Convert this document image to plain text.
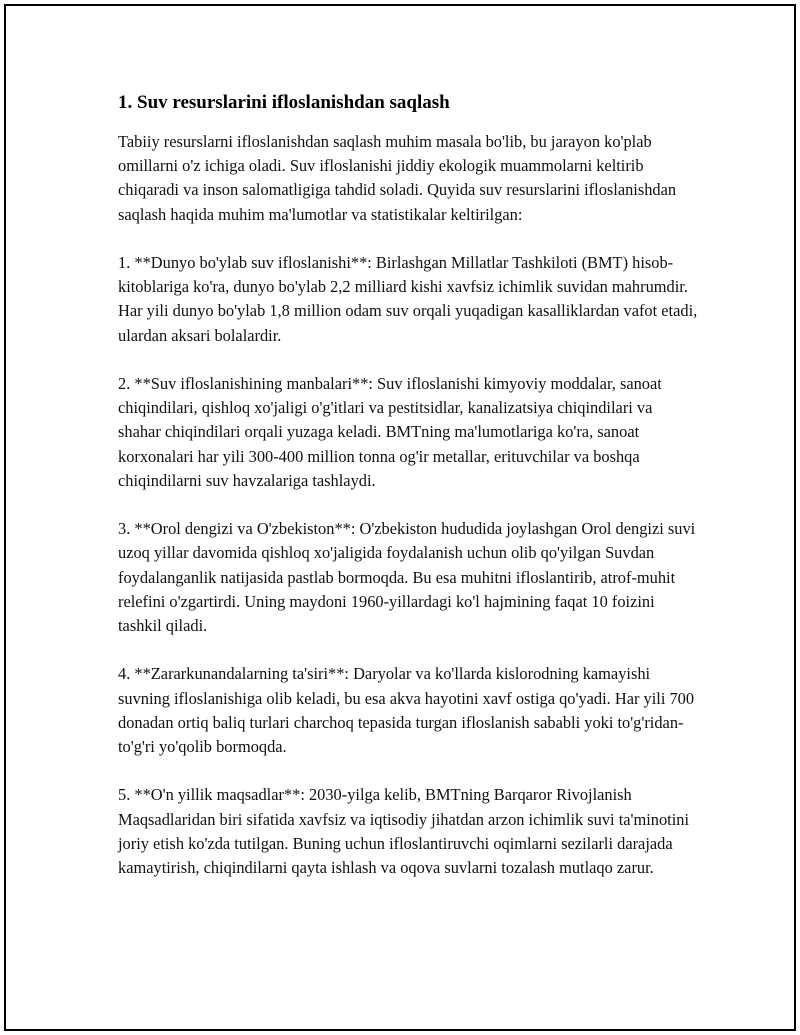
1. Suv resurslarini ifloslanishdan saqlash

Tabiiy resurslarni ifloslanishdan saqlash muhim masala bo'lib, bu jarayon ko'plab omillarni o'z ichiga oladi. Suv ifloslanishi jiddiy ekologik muammolarni keltirib chiqaradi va inson salomatligiga tahdid soladi. Quyida suv resurslarini ifloslanishdan saqlash haqida muhim ma'lumotlar va statistikalar keltirilgan:

1. **Dunyo bo'ylab suv ifloslanishi**: Birlashgan Millatlar Tashkiloti (BMT) hisob-kitoblariga ko'ra, dunyo bo'ylab 2,2 milliard kishi xavfsiz ichimlik suvidan mahrumdir. Har yili dunyo bo'ylab 1,8 million odam suv orqali yuqadigan kasalliklardan vafot etadi, ulardan aksari bolalardir.

2. **Suv ifloslanishining manbalari**: Suv ifloslanishi kimyoviy moddalar, sanoat chiqindilari, qishloq xo'jaligi o'g'itlari va pestitsidlar, kanalizatsiya chiqindilari va shahar chiqindilari orqali yuzaga keladi. BMTning ma'lumotlariga ko'ra, sanoat korxonalari har yili 300-400 million tonna og'ir metallar, erituvchilar va boshqa chiqindilarni suv havzalariga tashlaydi.

3. **Orol dengizi va O'zbekiston**: O'zbekiston hududida joylashgan Orol dengizi suvi uzoq yillar davomida qishloq xo'jaligida foydalanish uchun olib qo'yilgan Suvdan foydalanganlik natijasida pastlab bormoqda. Bu esa muhitni ifloslantirib, atrof-muhit relefini o'zgartirdi. Uning maydoni 1960-yillardagi ko'l hajmining faqat 10 foizini tashkil qiladi.

4. **Zararkunandalarning ta'siri**: Daryolar va ko'llarda kislorodning kamayishi suvning ifloslanishiga olib keladi, bu esa akva hayotini xavf ostiga qo'yadi. Har yili 700 donadan ortiq baliq turlari charchoq tepasida turgan ifloslanish sababli yoki to'g'ridan-to'g'ri yo'qolib bormoqda.

5. **O'n yillik maqsadlar**: 2030-yilga kelib, BMTning Barqaror Rivojlanish Maqsadlaridan biri sifatida xavfsiz va iqtisodiy jihatdan arzon ichimlik suvi ta'minotini joriy etish ko'zda tutilgan. Buning uchun ifloslantiruvchi oqimlarni sezilarli darajada kamaytirish, chiqindilarni qayta ishlash va oqova suvlarni tozalash mutlaqo zarur.
